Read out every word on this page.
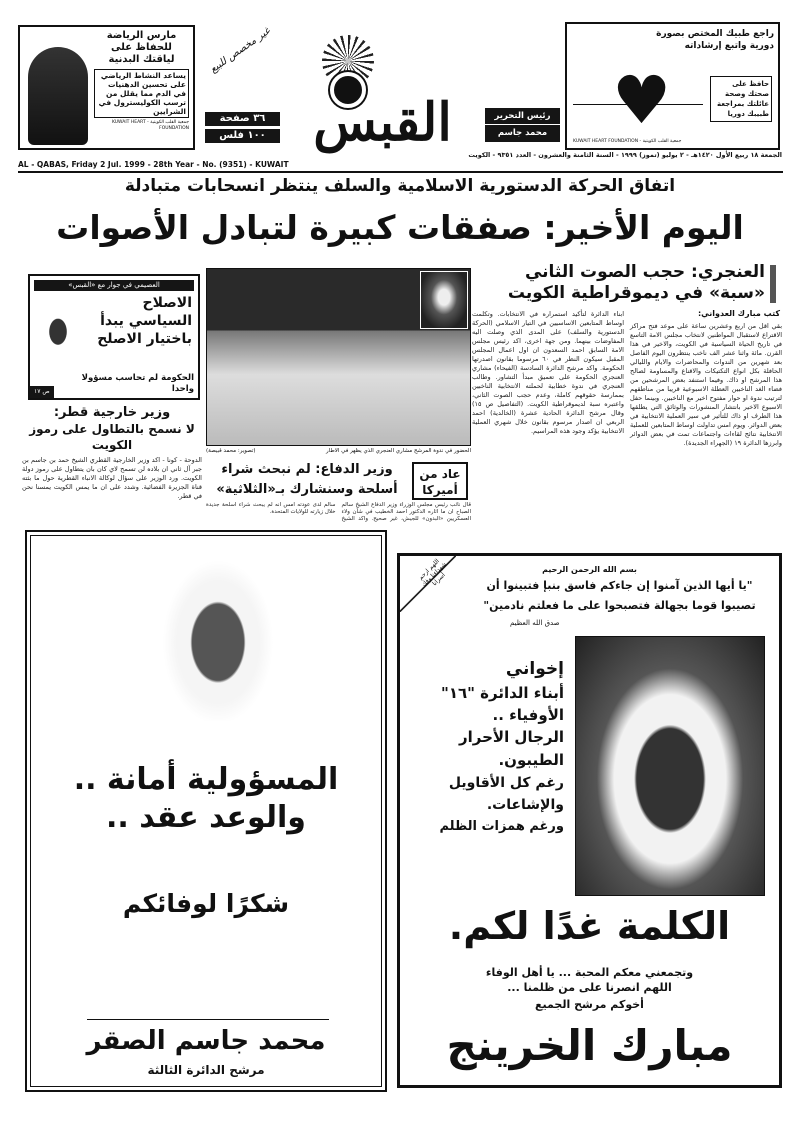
مارس الرياضة للحفاظ على لياقتك البدنية
يساعد النشاط الرياضي على تحسين الدهنيات في الدم مما يقلل من ترسب الكوليسترول في الشرايين
جمعية القلب الكويتية - KUWAIT HEART FOUNDATION
غير مخصص للبيع
٣٦ صفحة
١٠٠ فلس القبس	رئيس التحرير
محمد جاسم الصقر
راجع طبيك المختص بصورة دورية واتبع إرشاداته
♥	حافظ على صحتك وصحة عائلتك بمراجعة طبيبك دوريا
جمعية القلب الكويتية - KUWAIT HEART FOUNDATION
الجمعة ١٨ ربيع الأول ١٤٢٠هـ - ٢ يوليو (تموز) ١٩٩٩ - السنة الثامنة والعشرون - العدد ٩٣٥١ - الكويت
AL - QABAS, Friday 2 Jul. 1999 - 28th Year - No. (9351) - KUWAIT
اتفاق الحركة الدستورية الاسلامية والسلف ينتظر انسحابات متبادلة
اليوم الأخير: صفقات كبيرة لتبادل الأصوات
العنجري: حجب الصوت الثاني
«سبة» في ديموقراطية الكويت
كتب مبارك العدواني:
بقي اقل من اربع وعشرين ساعة على موعد فتح مراكز الاقتراع لاستقبال المواطنين لانتخاب مجلس الامة التاسع في تاريخ الحياة السياسية في الكويت، والاخير في هذا القرن. مائة واثنا عشر الف ناخب ينتظرون اليوم الفاصل بعد شهرين من الندوات والمحاضرات والايام والليالي الحافلة بكل انواع التكتيكات والاقناع والمساومة لصالح هذا المرشح او ذاك. وفيما استنفد بعض المرشحين من فضاء الغد الناخبين العطلة الاسبوعية قريبا من مناطقهم لترتيب ندوة او حوار مفتوح اخير مع الناخبين. وبينما حفل الاسبوع الاخير بانتشار المنشورات والوثائق التي يطلقها هذا الطرف او ذاك للتأثير في سير العملية الانتخابية في بعض الدوائر. ويوم امس تداولت اوساط المتابعين للعملية الانتخابية نتائج لقاءات واجتماعات تمت في بعض الدوائر وابرزها الدائرة ١٩ (الجهراء الجديدة).
ابناء الدائرة لتأكيد استمراره في الانتخابات. وتكلمت اوساط المتابعين الاساسيين في التيار الاسلامي (الحركة الدستورية والسلف) على المدى الذي وصلت اليه المفاوضات بينهما. ومن جهة اخرى، اكد رئيس مجلس الامة السابق احمد السعدون ان اول اعمال المجلس المقبل سيكون النظر في ٦٠ مرسوما بقانون اصدرتها الحكومة. واكد مرشح الدائرة السادسة (الفيحاء) مشاري العنجري الحكومة على تعميق مبدأ التشاور. وطالب العنجري في ندوة خطابية لحملته الانتخابية الناخبين بممارسة حقوقهم كاملة، وعدم حجب الصوت الثاني، واعتبره سبة لديموقراطية الكويت. (التفاصيل ص ١٥) وقال مرشح الدائرة الحادية عشرة (الخالدية) احمد الربعي ان اصدار مرسوم بقانون خلال شهري العملية الانتخابية يؤكد وجود هذه المراسيم.
الحضور في ندوة المرشح مشاري العنجري الذي يظهر في الاطار
(تصوير: محمد قبيصة)
العصيمي في جوار مع «القبس»
الاصلاح السياسي يبدأ باختيار الاصلح
الحكومة لم تحاسب مسؤولا واحدا
ص ١٧
وزير خارجية قطر:
لا نسمح بالتطاول على رموز الكويت
الدوحة - كونا - اكد وزير الخارجية القطري الشيخ حمد بن جاسم بن جبر آل ثاني ان بلاده لن تسمح لاي كان بان يتطاول على رموز دولة الكويت. ورد الوزير على سؤال لوكالة الانباء القطرية حول ما بثته قناة الجزيرة الفضائية. وشدد على ان ما يمس الكويت يمسنا نحن في قطر.
عاد من أميركا
وزير الدفاع: لم نبحث شراء
أسلحة وسنشارك بـ«الثلاثية»
قال نائب رئيس مجلس الوزراء وزير الدفاع الشيخ سالم الصباح ان ما اثاره الدكتور احمد الخطيب في شأن ولاء العسكريين «البدون» للجيش، غير صحيح. واكد الشيخ سالم لدى عودته امس انه لم يبحث شراء اسلحة جديدة خلال زيارته للولايات المتحدة.
المسؤولية أمانة ..
والوعد عقد ..
شكرًا لوفائكم
محمد جاسم الصقر
مرشح الدائرة الثالثة
اللهم ارحم شهداءنا وفك أسرانا
بسم الله الرحمن الرحيم
"يا أيها الذين آمنوا إن جاءكم فاسق بنبإ فتبينوا أن
تصيبوا قوما بجهالة فتصبحوا على ما فعلتم نادمين"
صدق الله العظيم
إخواني
أبناء الدائرة "١٦"
الأوفياء ..
الرجال الأحرار
الطيبون.
رغم كل الأقاويل
والإشاعات.
ورغم همزات الظلم
الكلمة غدًا لكم.
وتجمعني معكم المحبة ... يا أهل الوفاء
اللهم انصرنا على من ظلمنا ...
أخوكم مرشح الجميع
مبارك الخرينج
